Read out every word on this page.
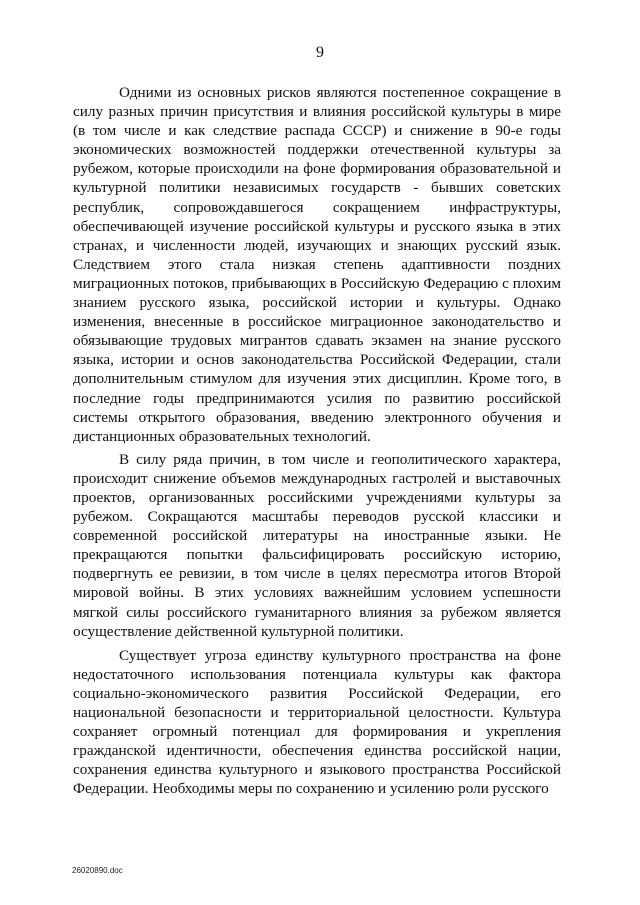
9

Одними из основных рисков являются постепенное сокращение в силу разных причин присутствия и влияния российской культуры в мире (в том числе и как следствие распада СССР) и снижение в 90-е годы экономических возможностей поддержки отечественной культуры за рубежом, которые происходили на фоне формирования образовательной и культурной политики независимых государств - бывших советских республик, сопровождавшегося сокращением инфраструктуры, обеспечивающей изучение российской культуры и русского языка в этих странах, и численности людей, изучающих и знающих русский язык. Следствием этого стала низкая степень адаптивности поздних миграционных потоков, прибывающих в Российскую Федерацию с плохим знанием русского языка, российской истории и культуры. Однако изменения, внесенные в российское миграционное законодательство и обязывающие трудовых мигрантов сдавать экзамен на знание русского языка, истории и основ законодательства Российской Федерации, стали дополнительным стимулом для изучения этих дисциплин. Кроме того, в последние годы предпринимаются усилия по развитию российской системы открытого образования, введению электронного обучения и дистанционных образовательных технологий.

В силу ряда причин, в том числе и геополитического характера, происходит снижение объемов международных гастролей и выставочных проектов, организованных российскими учреждениями культуры за рубежом. Сокращаются масштабы переводов русской классики и современной российской литературы на иностранные языки. Не прекращаются попытки фальсифицировать российскую историю, подвергнуть ее ревизии, в том числе в целях пересмотра итогов Второй мировой войны. В этих условиях важнейшим условием успешности мягкой силы российского гуманитарного влияния за рубежом является осуществление действенной культурной политики.

Существует угроза единству культурного пространства на фоне недостаточного использования потенциала культуры как фактора социально-экономического развития Российской Федерации, его национальной безопасности и территориальной целостности. Культура сохраняет огромный потенциал для формирования и укрепления гражданской идентичности, обеспечения единства российской нации, сохранения единства культурного и языкового пространства Российской Федерации. Необходимы меры по сохранению и усилению роли русского

26020890.doc
